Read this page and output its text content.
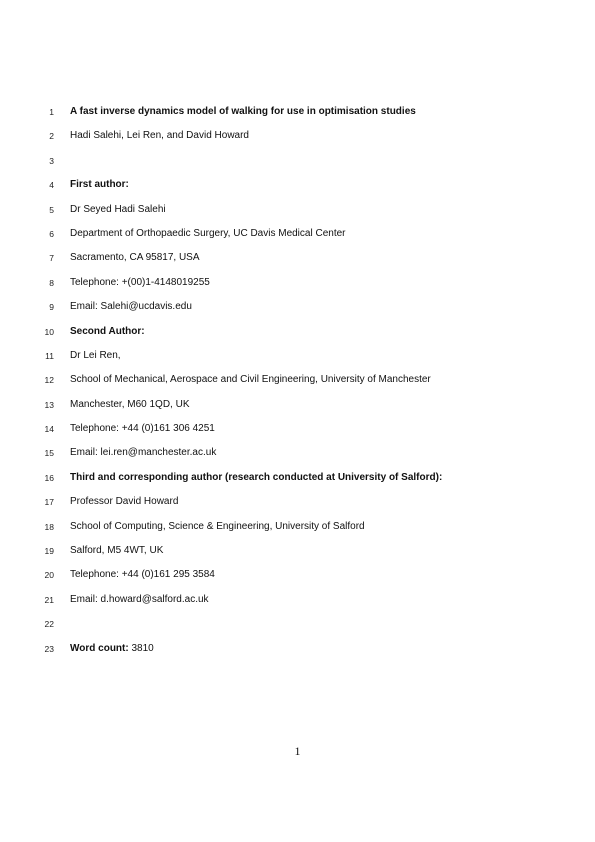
1 A fast inverse dynamics model of walking for use in optimisation studies
2 Hadi Salehi, Lei Ren, and David Howard
3
4 First author:
5 Dr Seyed Hadi Salehi
6 Department of Orthopaedic Surgery, UC Davis Medical Center
7 Sacramento, CA 95817, USA
8 Telephone: +(00)1-4148019255
9 Email: Salehi@ucdavis.edu
10 Second Author:
11 Dr Lei Ren,
12 School of Mechanical, Aerospace and Civil Engineering, University of Manchester
13 Manchester, M60 1QD, UK
14 Telephone: +44 (0)161 306 4251
15 Email: lei.ren@manchester.ac.uk
16 Third and corresponding author (research conducted at University of Salford):
17 Professor David Howard
18 School of Computing, Science & Engineering, University of Salford
19 Salford, M5 4WT, UK
20 Telephone: +44 (0)161 295 3584
21 Email: d.howard@salford.ac.uk
22
23 Word count: 3810
1
